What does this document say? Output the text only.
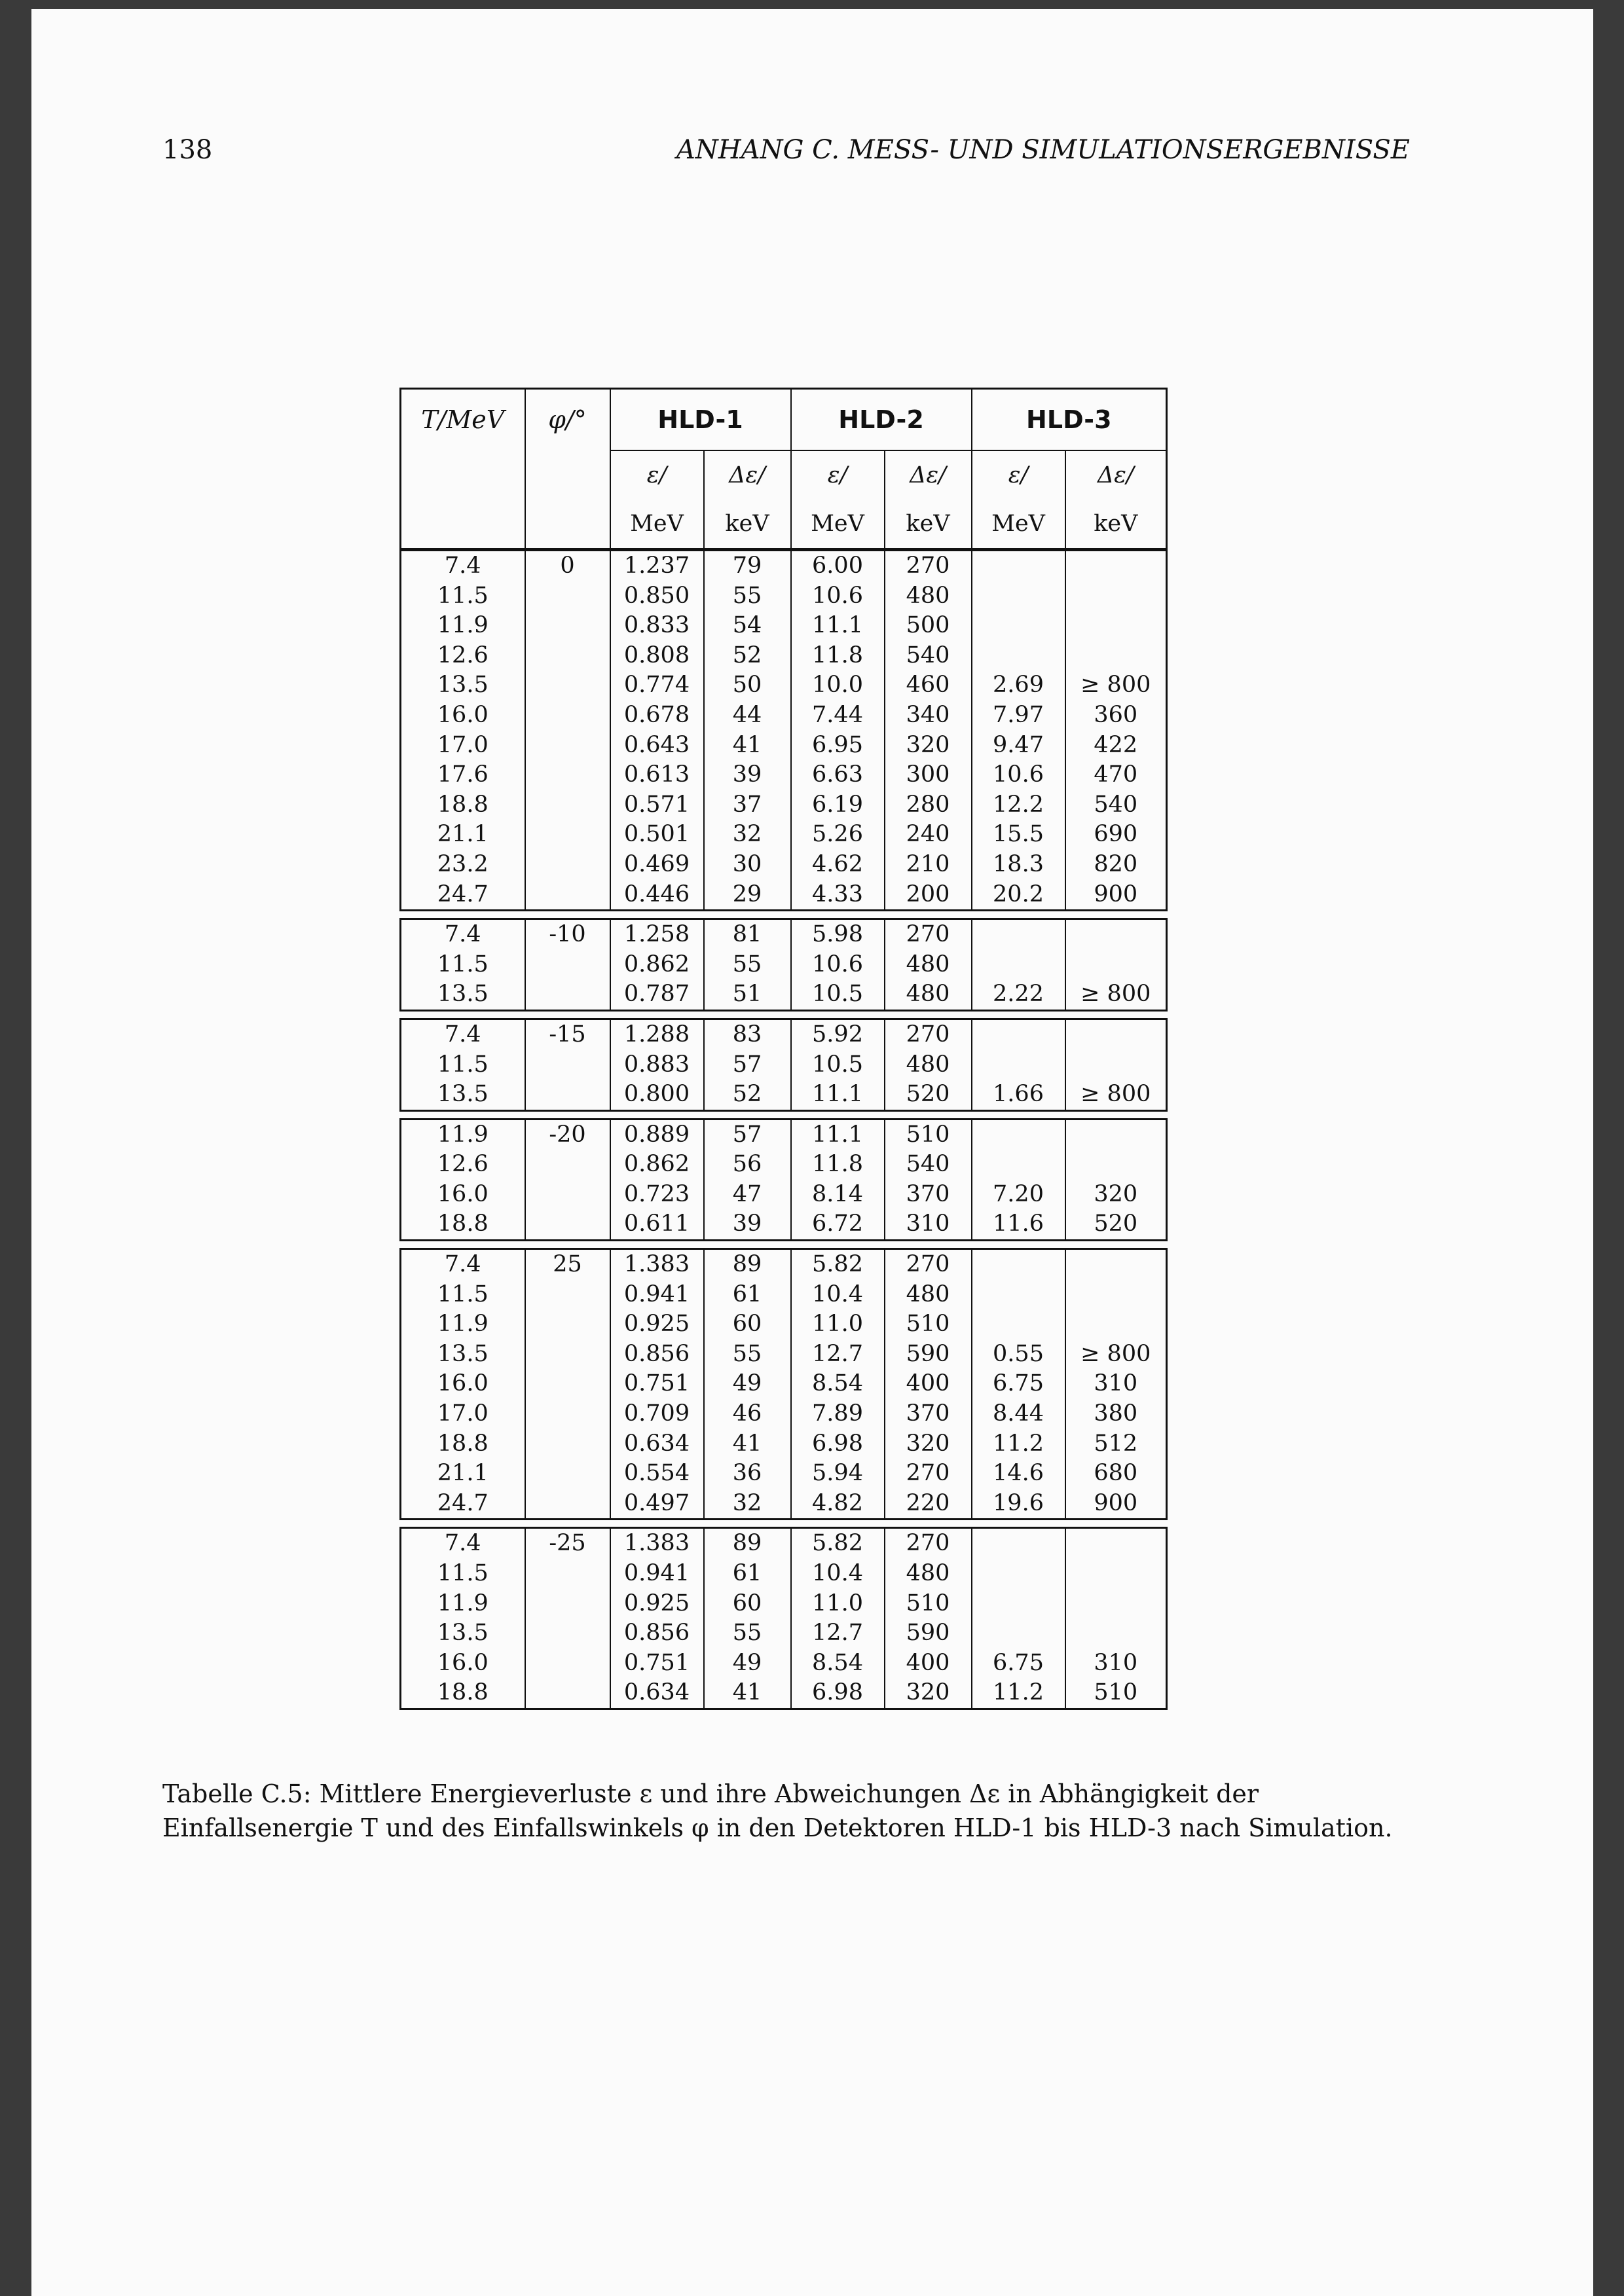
138	ANHANG C. MESS- UND SIMULATIONSERGEBNISSE
T/MeV	φ/°	HLD-1		HLD-2		HLD-3	
		ε/	Δε/	ε/	Δε/	ε/	Δε/
		MeV	keV	MeV	keV	MeV	keV
7.4	0	1.237	79	6.00	270		
11.5		0.850	55	10.6	480		
11.9		0.833	54	11.1	500		
12.6		0.808	52	11.8	540		
13.5		0.774	50	10.0	460	2.69	≥ 800
16.0		0.678	44	7.44	340	7.97	360
17.0		0.643	41	6.95	320	9.47	422
17.6		0.613	39	6.63	300	10.6	470
18.8		0.571	37	6.19	280	12.2	540
21.1		0.501	32	5.26	240	15.5	690
23.2		0.469	30	4.62	210	18.3	820
24.7		0.446	29	4.33	200	20.2	900
7.4	-10	1.258	81	5.98	270		
11.5		0.862	55	10.6	480		
13.5		0.787	51	10.5	480	2.22	≥ 800
7.4	-15	1.288	83	5.92	270		
11.5		0.883	57	10.5	480		
13.5		0.800	52	11.1	520	1.66	≥ 800
11.9	-20	0.889	57	11.1	510		
12.6		0.862	56	11.8	540		
16.0		0.723	47	8.14	370	7.20	320
18.8		0.611	39	6.72	310	11.6	520
7.4	25	1.383	89	5.82	270		
11.5		0.941	61	10.4	480		
11.9		0.925	60	11.0	510		
13.5		0.856	55	12.7	590	0.55	≥ 800
16.0		0.751	49	8.54	400	6.75	310
17.0		0.709	46	7.89	370	8.44	380
18.8		0.634	41	6.98	320	11.2	512
21.1		0.554	36	5.94	270	14.6	680
24.7		0.497	32	4.82	220	19.6	900
7.4	-25	1.383	89	5.82	270		
11.5		0.941	61	10.4	480		
11.9		0.925	60	11.0	510		
13.5		0.856	55	12.7	590		
16.0		0.751	49	8.54	400	6.75	310
18.8		0.634	41	6.98	320	11.2	510
Tabelle C.5: Mittlere Energieverluste ε und ihre Abweichungen Δε in Abhängigkeit der Einfallsenergie T und des Einfallswinkels φ in den Detektoren HLD-1 bis HLD-3 nach Simulation.
